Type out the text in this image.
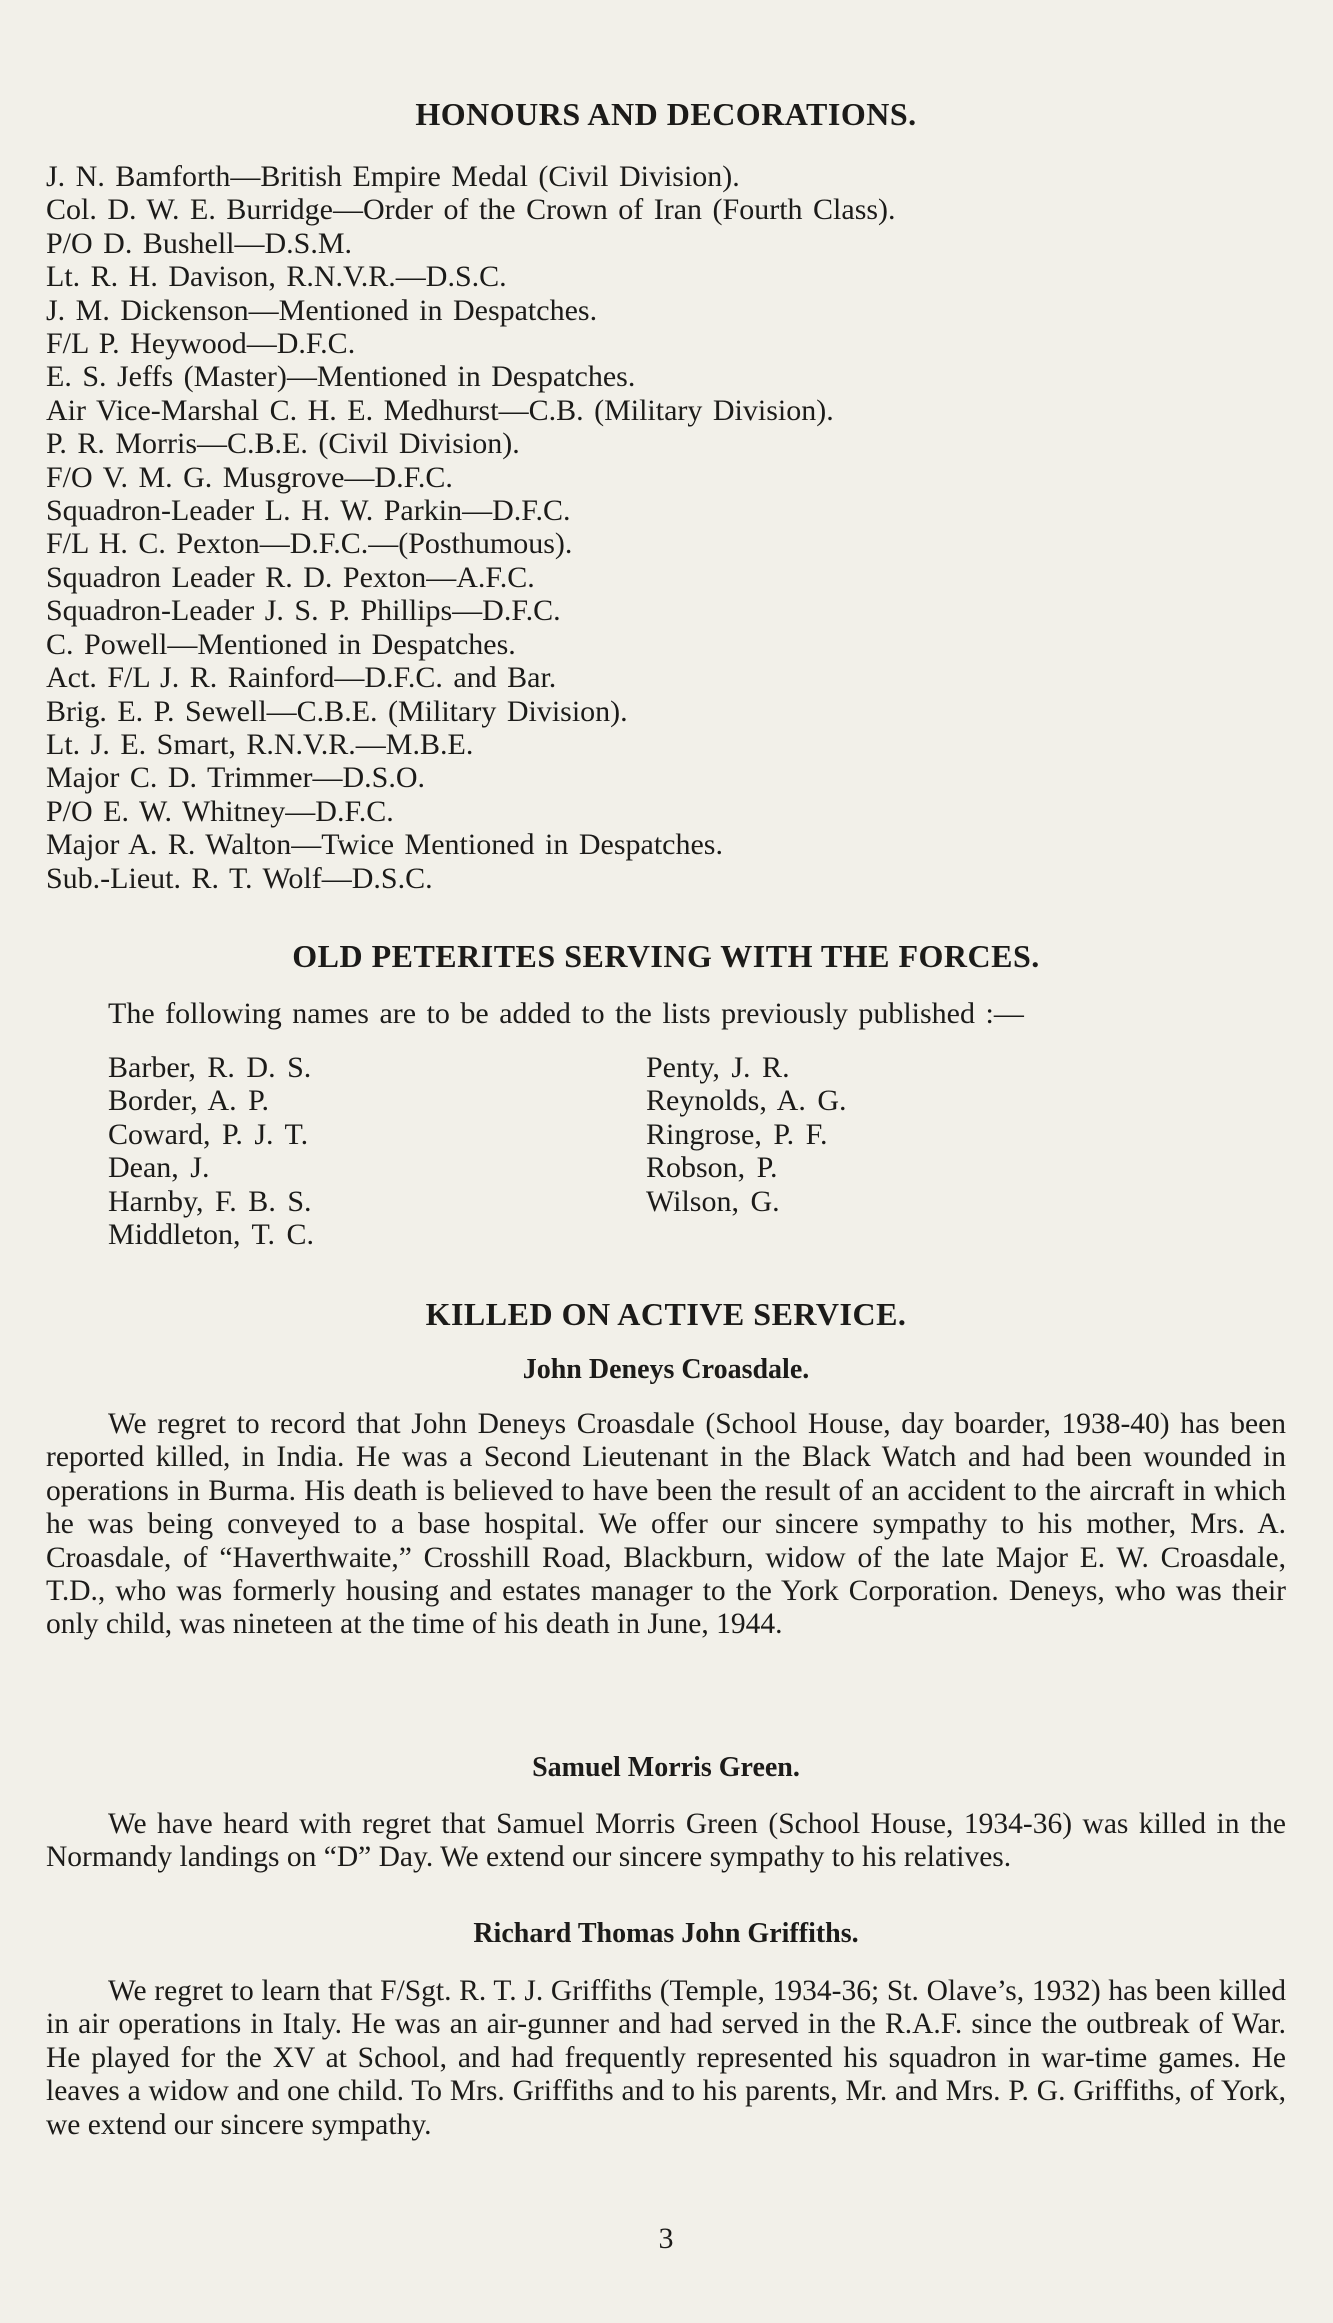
HONOURS AND DECORATIONS.
J. N. Bamforth—British Empire Medal (Civil Division).
Col. D. W. E. Burridge—Order of the Crown of Iran (Fourth Class).
P/O D. Bushell—D.S.M.
Lt. R. H. Davison, R.N.V.R.—D.S.C.
J. M. Dickenson—Mentioned in Despatches.
F/L P. Heywood—D.F.C.
E. S. Jeffs (Master)—Mentioned in Despatches.
Air Vice-Marshal C. H. E. Medhurst—C.B. (Military Division).
P. R. Morris—C.B.E. (Civil Division).
F/O V. M. G. Musgrove—D.F.C.
Squadron-Leader L. H. W. Parkin—D.F.C.
F/L H. C. Pexton—D.F.C.—(Posthumous).
Squadron Leader R. D. Pexton—A.F.C.
Squadron-Leader J. S. P. Phillips—D.F.C.
C. Powell—Mentioned in Despatches.
Act. F/L J. R. Rainford—D.F.C. and Bar.
Brig. E. P. Sewell—C.B.E. (Military Division).
Lt. J. E. Smart, R.N.V.R.—M.B.E.
Major C. D. Trimmer—D.S.O.
P/O E. W. Whitney—D.F.C.
Major A. R. Walton—Twice Mentioned in Despatches.
Sub.-Lieut. R. T. Wolf—D.S.C.
OLD PETERITES SERVING WITH THE FORCES.

The following names are to be added to the lists previously published :—

Barber, R. D. S.
Border, A. P.
Coward, P. J. T.
Dean, J.
Harnby, F. B. S.
Middleton, T. C.
Penty, J. R.
Reynolds, A. G.
Ringrose, P. F.
Robson, P.
Wilson, G.
KILLED ON ACTIVE SERVICE.
John Deneys Croasdale.

We regret to record that John Deneys Croasdale (School House, day boarder, 1938-40) has been reported killed, in India. He was a Second Lieutenant in the Black Watch and had been wounded in operations in Burma. His death is believed to have been the result of an accident to the aircraft in which he was being conveyed to a base hospital. We offer our sincere sympathy to his mother, Mrs. A. Croasdale, of “Haverthwaite,” Crosshill Road, Blackburn, widow of the late Major E. W. Croasdale, T.D., who was formerly housing and estates manager to the York Corporation. Deneys, who was their only child, was nineteen at the time of his death in June, 1944.

Samuel Morris Green.

We have heard with regret that Samuel Morris Green (School House, 1934-36) was killed in the Normandy landings on “D” Day. We extend our sincere sympathy to his relatives.

Richard Thomas John Griffiths.

We regret to learn that F/Sgt. R. T. J. Griffiths (Temple, 1934-36; St. Olave’s, 1932) has been killed in air operations in Italy. He was an air-gunner and had served in the R.A.F. since the outbreak of War. He played for the XV at School, and had frequently represented his squadron in war-time games. He leaves a widow and one child. To Mrs. Griffiths and to his parents, Mr. and Mrs. P. G. Griffiths, of York, we extend our sincere sympathy.

3
